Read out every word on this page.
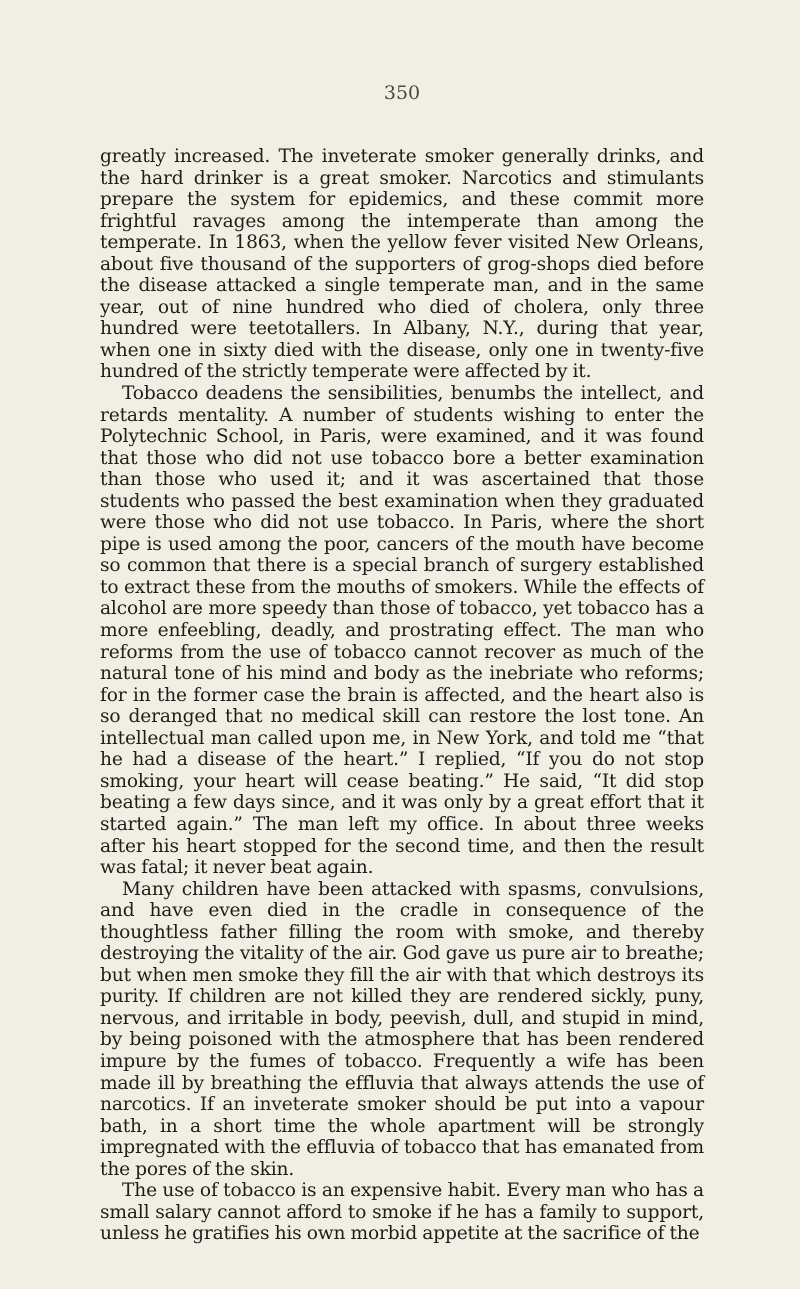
350

greatly increased. The inveterate smoker generally drinks, and the hard drinker is a great smoker. Narcotics and stimulants prepare the system for epidemics, and these commit more frightful ravages among the intemperate than among the temperate. In 1863, when the yellow fever visited New Orleans, about five thousand of the supporters of grog-shops died before the disease attacked a single temperate man, and in the same year, out of nine hundred who died of cholera, only three hundred were teetotallers. In Albany, N.Y., during that year, when one in sixty died with the disease, only one in twenty-five hundred of the strictly temperate were affected by it.

Tobacco deadens the sensibilities, benumbs the intellect, and retards mentality. A number of students wishing to enter the Polytechnic School, in Paris, were examined, and it was found that those who did not use tobacco bore a better examination than those who used it; and it was ascertained that those students who passed the best examination when they graduated were those who did not use tobacco. In Paris, where the short pipe is used among the poor, cancers of the mouth have become so common that there is a special branch of surgery established to extract these from the mouths of smokers. While the effects of alcohol are more speedy than those of tobacco, yet tobacco has a more enfeebling, deadly, and prostrating effect. The man who reforms from the use of tobacco cannot recover as much of the natural tone of his mind and body as the inebriate who reforms; for in the former case the brain is affected, and the heart also is so deranged that no medical skill can restore the lost tone. An intellectual man called upon me, in New York, and told me “that he had a disease of the heart.” I replied, “If you do not stop smoking, your heart will cease beating.” He said, “It did stop beating a few days since, and it was only by a great effort that it started again.” The man left my office. In about three weeks after his heart stopped for the second time, and then the result was fatal; it never beat again.

Many children have been attacked with spasms, convulsions, and have even died in the cradle in consequence of the thoughtless father filling the room with smoke, and thereby destroying the vitality of the air. God gave us pure air to breathe; but when men smoke they fill the air with that which destroys its purity. If children are not killed they are rendered sickly, puny, nervous, and irritable in body, peevish, dull, and stupid in mind, by being poisoned with the atmosphere that has been rendered impure by the fumes of tobacco. Frequently a wife has been made ill by breathing the effluvia that always attends the use of narcotics. If an inveterate smoker should be put into a vapour bath, in a short time the whole apartment will be strongly impregnated with the effluvia of tobacco that has emanated from the pores of the skin.

The use of tobacco is an expensive habit. Every man who has a small salary cannot afford to smoke if he has a family to support, unless he gratifies his own morbid appetite at the sacrifice of the
